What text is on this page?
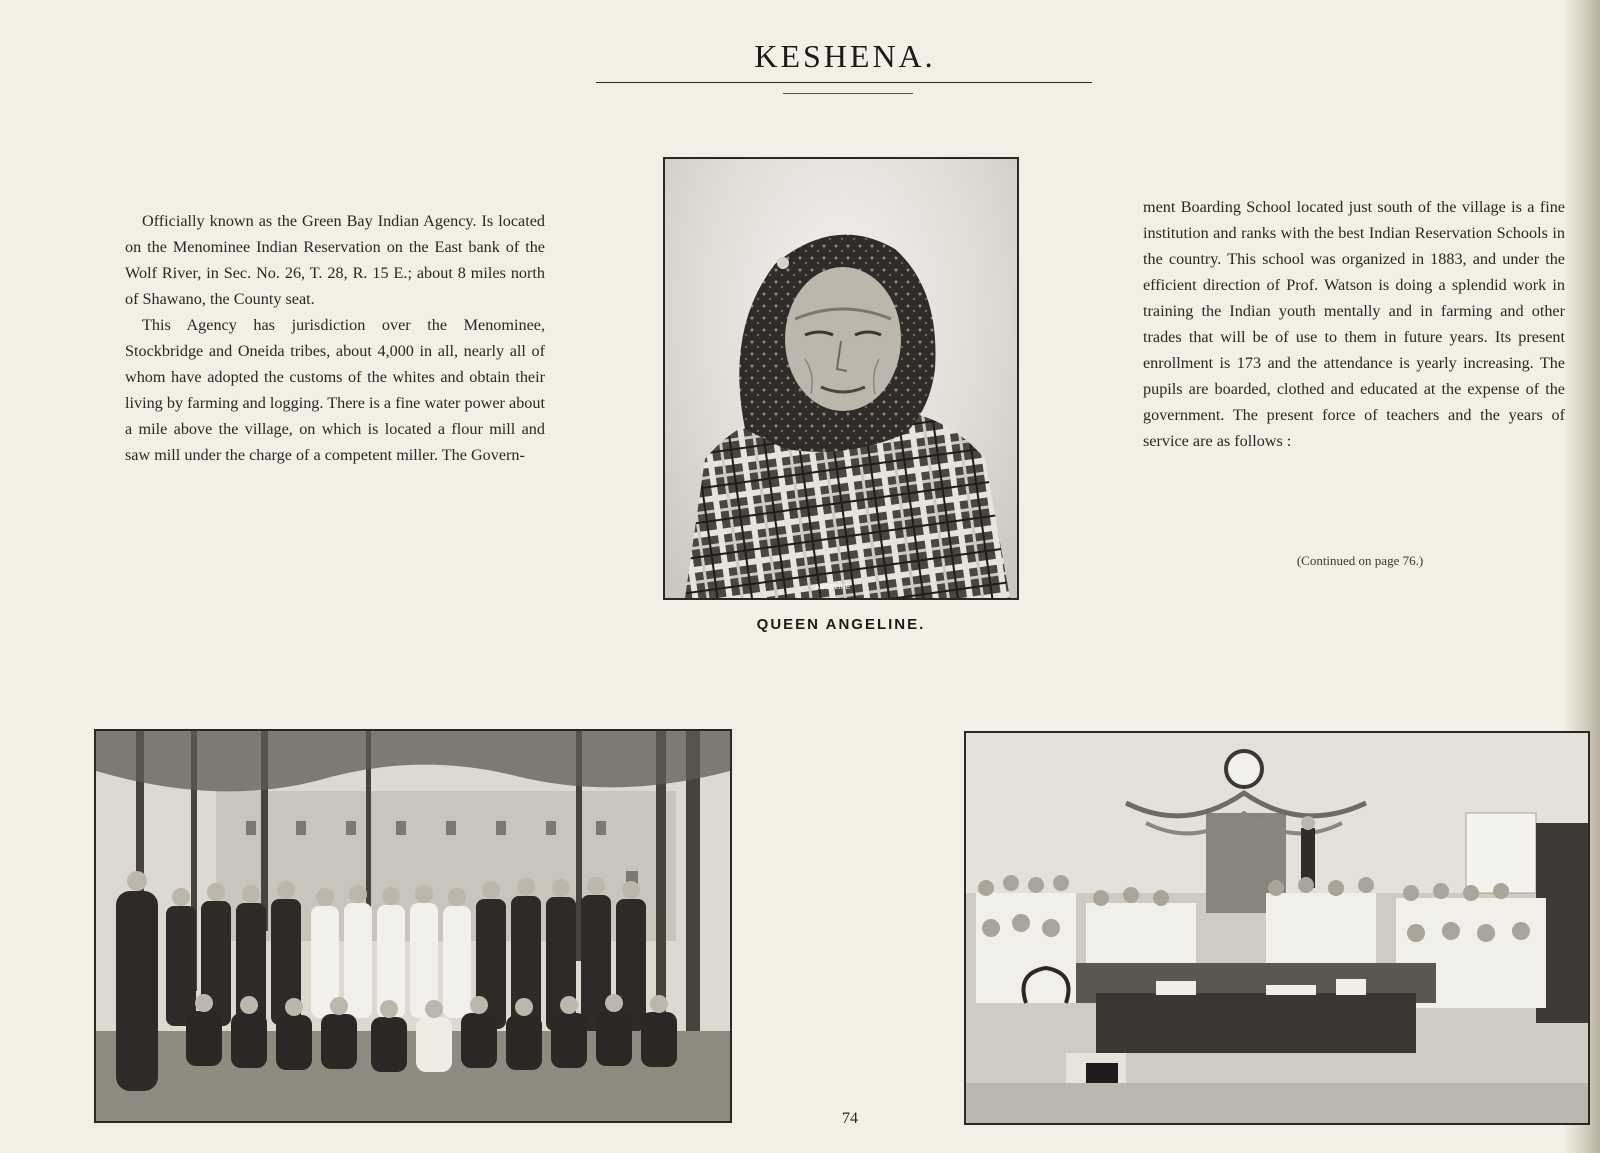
KESHENA.

Officially known as the Green Bay Indian Agency. Is located on the Menominee Indian Reservation on the East bank of the Wolf River, in Sec. No. 26, T. 28, R. 15 E.; about 8 miles north of Shawano, the County seat.

This Agency has jurisdiction over the Menominee, Stockbridge and Oneida tribes, about 4,000 in all, nearly all of whom have adopted the customs of the whites and obtain their living by farming and logging. There is a fine water power about a mile above the village, on which is located a flour mill and saw mill under the charge of a competent miller. The Govern-

ANGELINE
QUEEN ANGELINE.

ment Boarding School located just south of the village is a fine institution and ranks with the best Indian Reservation Schools in the country. This school was organized in 1883, and under the efficient direction of Prof. Watson is doing a splendid work in training the Indian youth mentally and in farming and other trades that will be of use to them in future years. Its present enrollment is 173 and the attendance is yearly increasing. The pupils are boarded, clothed and educated at the expense of the government. The present force of teachers and the years of service are as follows :

(Continued on page 76.)
74
